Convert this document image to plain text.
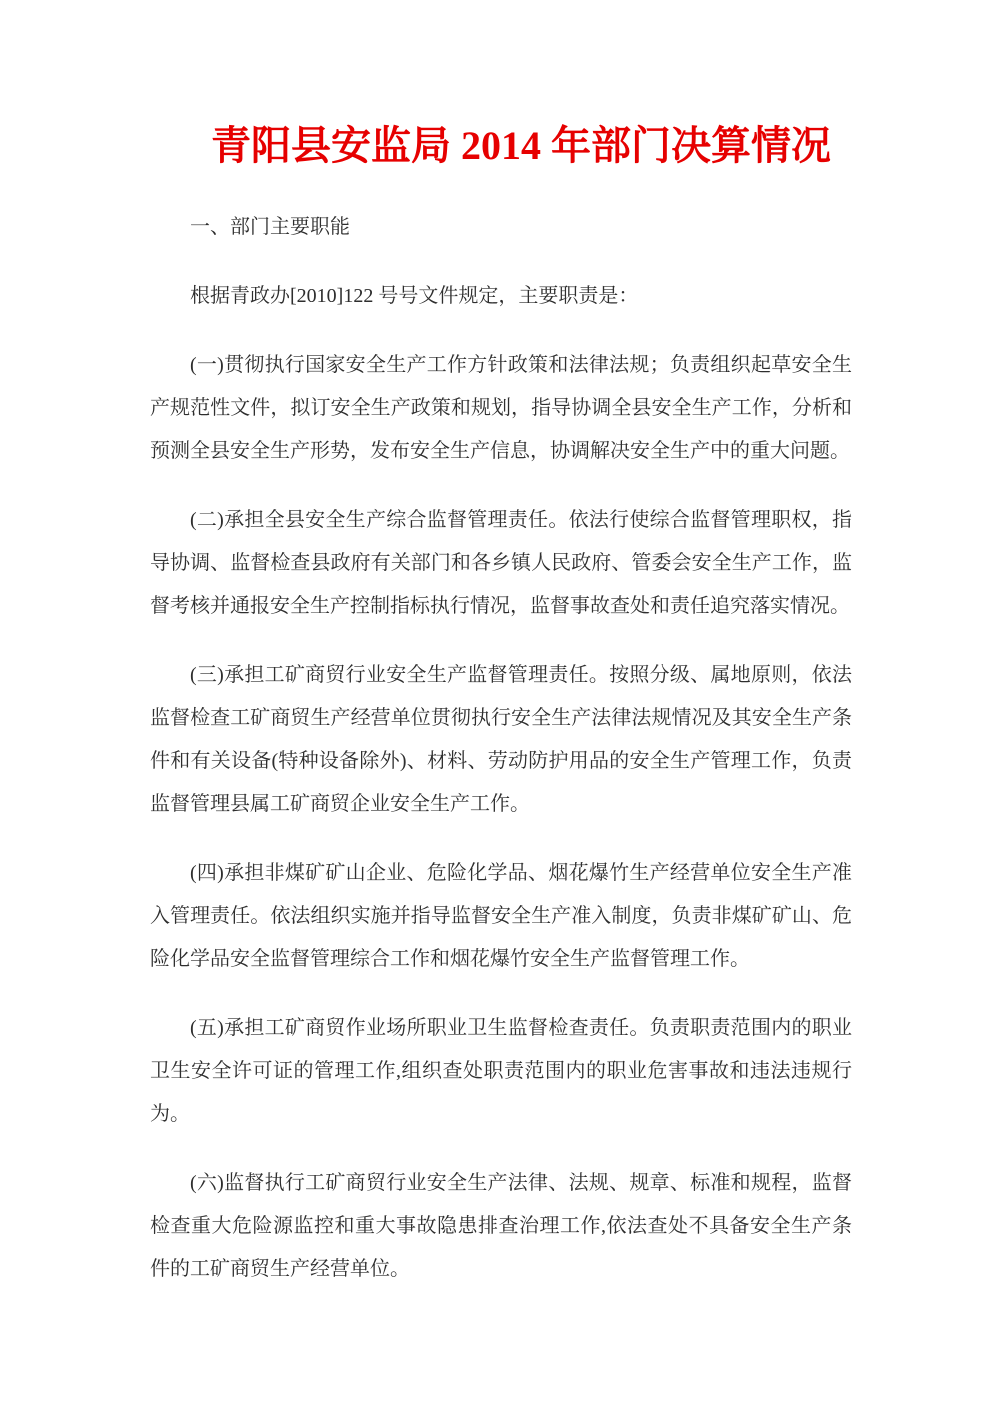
青阳县安监局 2014 年部门决算情况

一、部门主要职能

根据青政办[2010]122 号号文件规定，主要职责是：

(一)贯彻执行国家安全生产工作方针政策和法律法规；负责组织起草安全生产规范性文件，拟订安全生产政策和规划，指导协调全县安全生产工作，分析和预测全县安全生产形势，发布安全生产信息，协调解决安全生产中的重大问题。

(二)承担全县安全生产综合监督管理责任。依法行使综合监督管理职权，指导协调、监督检查县政府有关部门和各乡镇人民政府、管委会安全生产工作，监督考核并通报安全生产控制指标执行情况，监督事故查处和责任追究落实情况。

(三)承担工矿商贸行业安全生产监督管理责任。按照分级、属地原则，依法监督检查工矿商贸生产经营单位贯彻执行安全生产法律法规情况及其安全生产条件和有关设备(特种设备除外)、材料、劳动防护用品的安全生产管理工作，负责监督管理县属工矿商贸企业安全生产工作。

(四)承担非煤矿矿山企业、危险化学品、烟花爆竹生产经营单位安全生产准入管理责任。依法组织实施并指导监督安全生产准入制度，负责非煤矿矿山、危险化学品安全监督管理综合工作和烟花爆竹安全生产监督管理工作。

(五)承担工矿商贸作业场所职业卫生监督检查责任。负责职责范围内的职业卫生安全许可证的管理工作,组织查处职责范围内的职业危害事故和违法违规行为。

(六)监督执行工矿商贸行业安全生产法律、法规、规章、标准和规程，监督检查重大危险源监控和重大事故隐患排查治理工作,依法查处不具备安全生产条件的工矿商贸生产经营单位。
